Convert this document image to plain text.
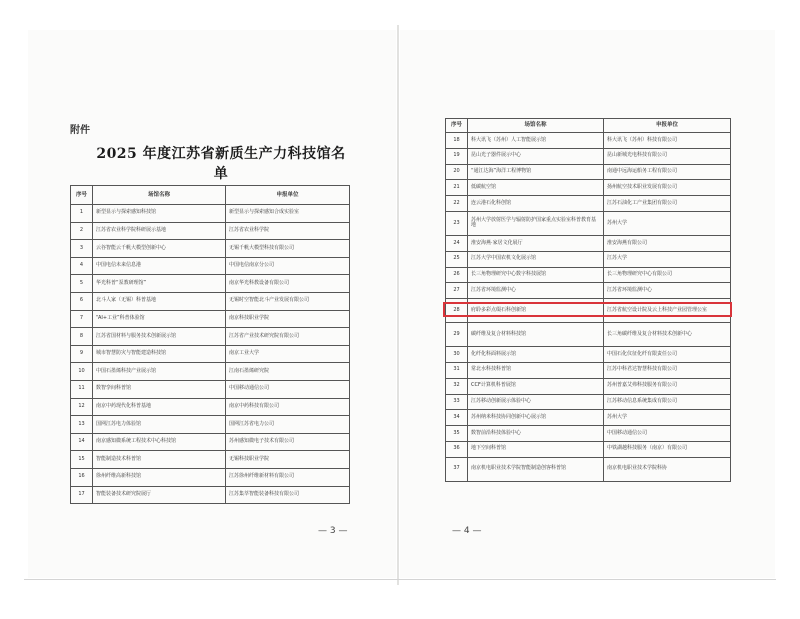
附件
2025 年度江苏省新质生产力科技馆名单
序号	场馆名称	申报单位
1	新型显示与探索感知科技馆	新型显示与探索感知合成实验室
2	江苏省农业科学院科研展示基地	江苏省农业科学院
3	云谷智能云千帆大模型创新中心	无锡千帆大模型科技有限公司
4	中国电信未来信息港	中国电信南京分公司
5	华光科普“泵教研理馆”	南京华光科教设备有限公司
6	北斗人家（无锡）科普基地	无锡时空智能北斗产业发展有限公司
7	“AI+工业”科普体验馆	南京科技职业学院
8	江苏省国材料与服务技术创新展示馆	江苏省产业技术研究院有限公司
9	城市智慧防灾与智能建造科技馆	南京工业大学
10	中国石墨烯科技产业展示馆	江南石墨烯研究院
11	数智孪间科普馆	中国移动通信公司
12	南京中药现代化科普基地	南京中药科技有限公司
13	国网江苏电力体验馆	国网江苏省电力公司
14	南京感知微系统工程技术中心科技馆	苏州感知微电子技术有限公司
15	智能制造技术科普馆	无锡科技职业学院
16	徐州纤维高新科技馆	江苏徐州纤维新材料有限公司
17	智能装备技术研究院展厅	江苏集萃智能装备科技有限公司
序号	场馆名称	申报单位
18	科大讯飞（苏州）人工智能展示馆	科大讯飞（苏州）科技有限公司
19	昆山光子器件展示中心	昆山新城光电科技有限公司
20	“通江达海”海洋工程博物馆	南通中远海运船务工程有限公司
21	低碳航空馆	扬州航空技术职业发展有限公司
22	连云港石化科创馆	江苏石油化工产业集团有限公司
23	苏州大学放射医学与辐射防护国家重点实验室科普教育基地	苏州大学
24	淮安海燕·家居文化展厅	淮安海燕有限公司
25	江苏大学中国农机文化展示馆	江苏大学
26	长三角物理研究中心数字科技展馆	长三角物理研究中心有限公司
27	江苏省环境监测中心	江苏省环境监测中心
28	府聆多彩点缀石科创新馆	江苏省航空设计院及云上科技产业园管理公室
29	碳纤维及复合材料科技馆	长三角碳纤维及复合材料技术创新中心
30	化纤化科面料展示馆	中国石化仪征化纤有限责任公司
31	常北水科技科普馆	江苏中科君达智慧科技有限公司
32	CCF计算机科普展馆	苏州普嘉艾弗科技服务有限公司
33	江苏移动创新展示体验中心	江苏移动信息系统集成有限公司
34	苏州纳米科技协同创新中心展示馆	苏州大学
35	数智前沿科技体验中心	中国移动通信公司
36	地下空间科普馆	中铁湖越科技服务（南京）有限公司
37	南京机电职业技术学院智能制造创客科普馆	南京机电职业技术学院科协
— 3 —	— 4 —
